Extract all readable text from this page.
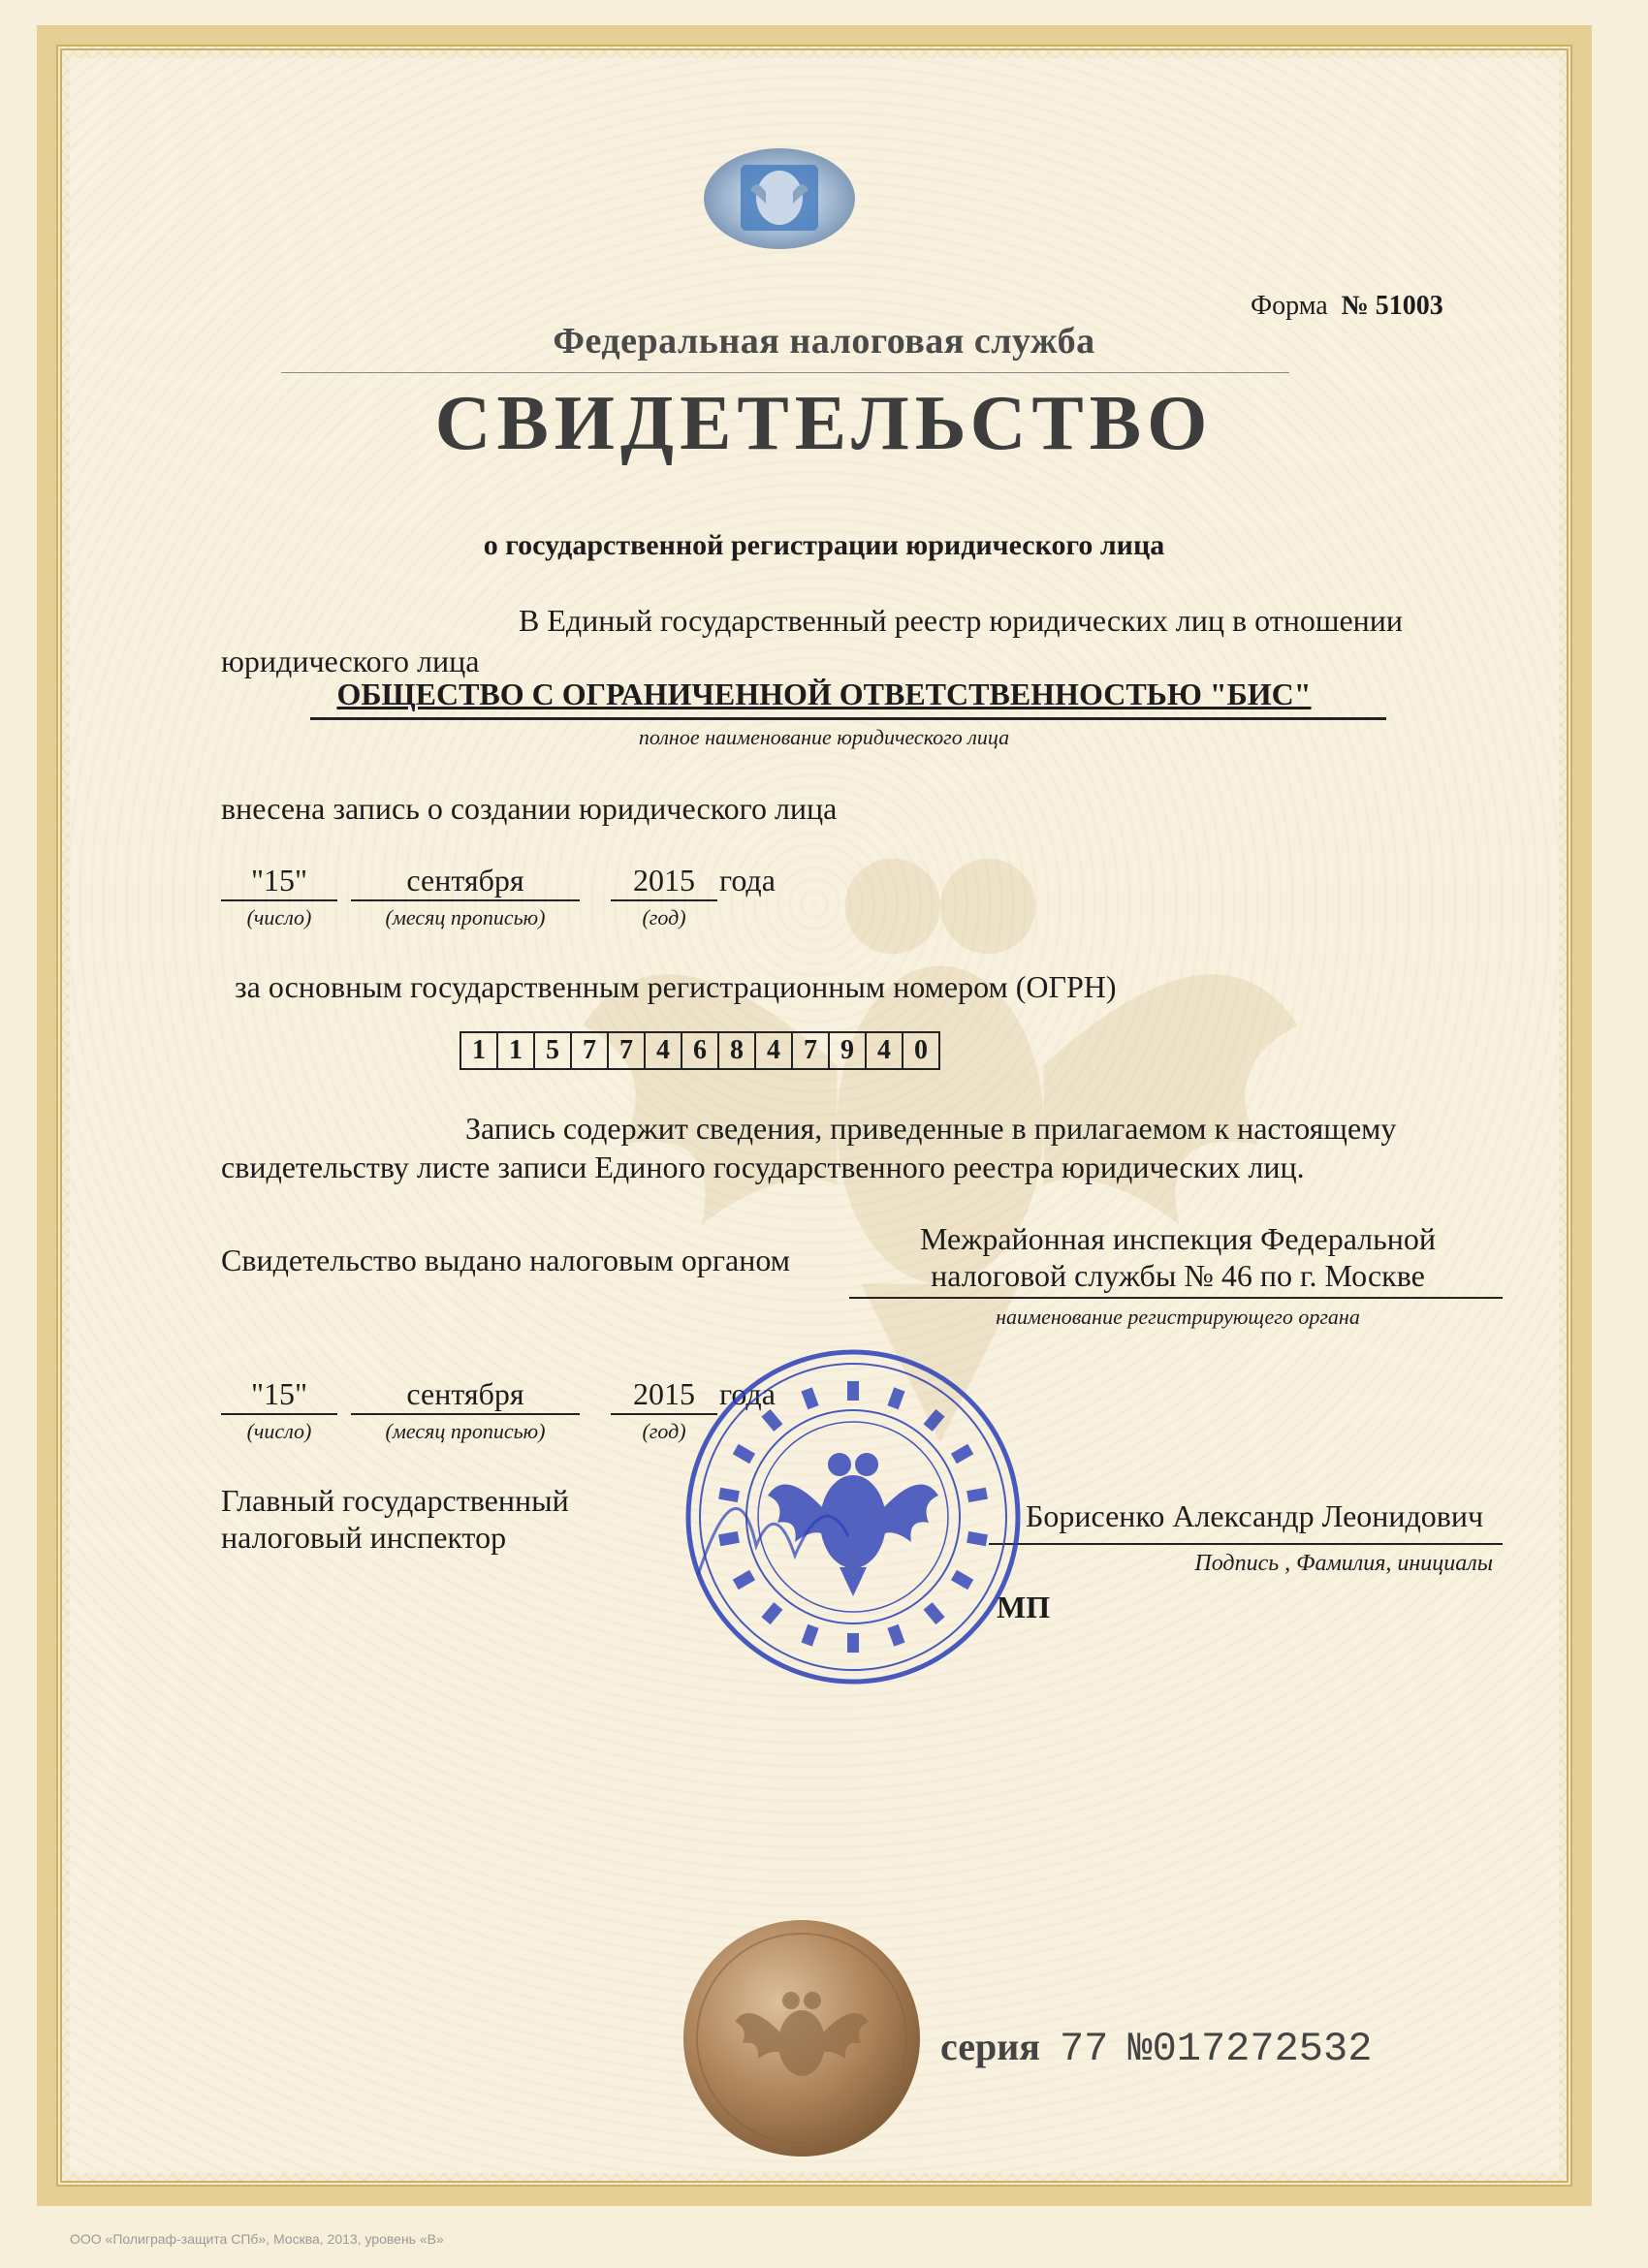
Форма № 51003
Федеральная налоговая служба
СВИДЕТЕЛЬСТВО
о государственной регистрации юридического лица
В Единый государственный реестр юридических лиц в отношении
юридического лица
ОБЩЕСТВО С ОГРАНИЧЕННОЙ ОТВЕТСТВЕННОСТЬЮ "БИС"
полное наименование юридического лица
внесена запись о создании юридического лица
"15"	сентября	2015 года
(число)	(месяц прописью)	(год)
за основным государственным регистрационным номером (ОГРН)
1 1 5 7 7 4 6 8 4 7 9 4 0
Запись содержит сведения, приведенные в прилагаемом к настоящему
свидетельству листе записи Единого государственного реестра юридических лиц.
Свидетельство выдано налоговым органом
Межрайонная инспекция Федеральной
налоговой службы № 46 по г. Москве
наименование регистрирующего органа
"15"	сентября	2015 года
(число)	(месяц прописью)	(год)
Главный государственный
налоговый инспектор
Борисенко Александр Леонидович
Подпись , Фамилия, инициалы
МП
серия 77 №017272532
ООО «Полиграф-защита СПб», Москва, 2013, уровень «В»
